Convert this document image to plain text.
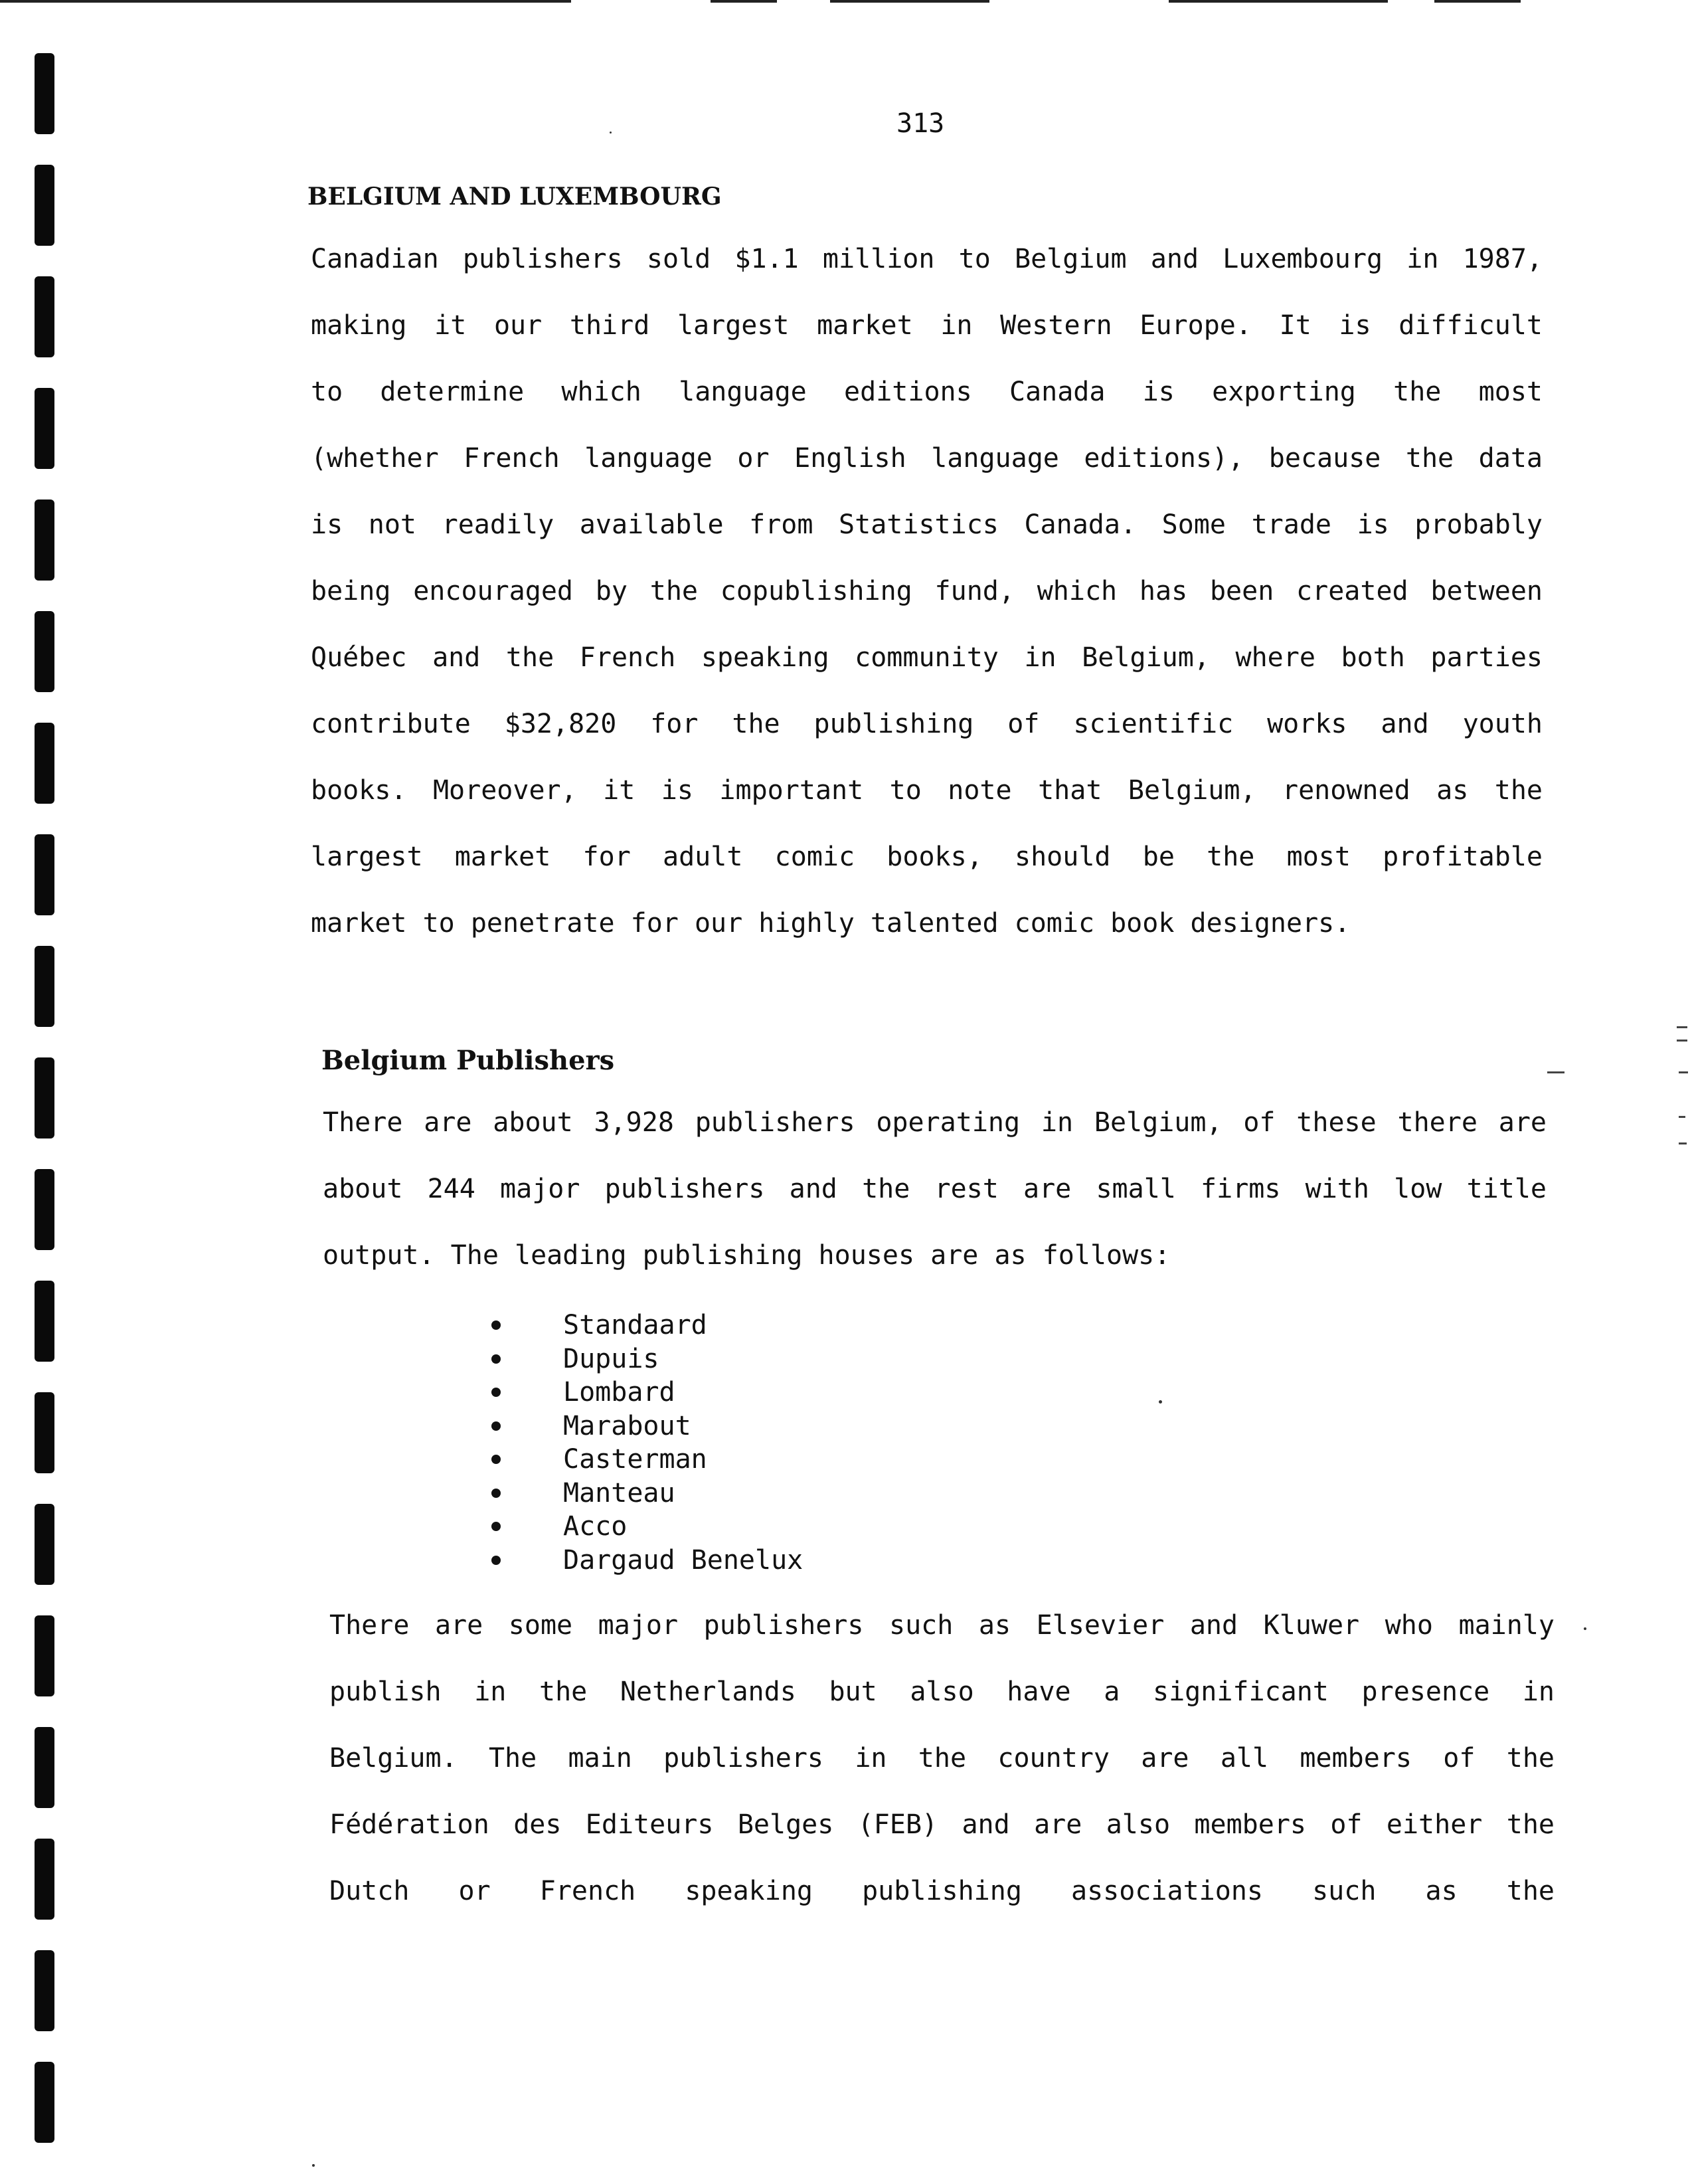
313
BELGIUM AND LUXEMBOURG
Canadian publishers sold $1.1 million to Belgium and Luxembourg in 1987,
making it our third largest market in Western Europe. It is difficult
to determine which language editions Canada is exporting the most
(whether French language or English language editions), because the data
is not readily available from Statistics Canada. Some trade is probably
being encouraged by the copublishing fund, which has been created between
Québec and the French speaking community in Belgium, where both parties
contribute $32,820 for the publishing of scientific works and youth
books. Moreover, it is important to note that Belgium, renowned as the
largest market for adult comic books, should be the most profitable
market to penetrate for our highly talented comic book designers.
Belgium Publishers
There are about 3,928 publishers operating in Belgium, of these there are
about 244 major publishers and the rest are small firms with low title
output. The leading publishing houses are as follows:
Standaard
Dupuis
Lombard
Marabout
Casterman
Manteau
Acco
Dargaud Benelux
There are some major publishers such as Elsevier and Kluwer who mainly
publish in the Netherlands but also have a significant presence in
Belgium. The main publishers in the country are all members of the
Fédération des Editeurs Belges (FEB) and are also members of either the
Dutch or French speaking publishing associations such as the
